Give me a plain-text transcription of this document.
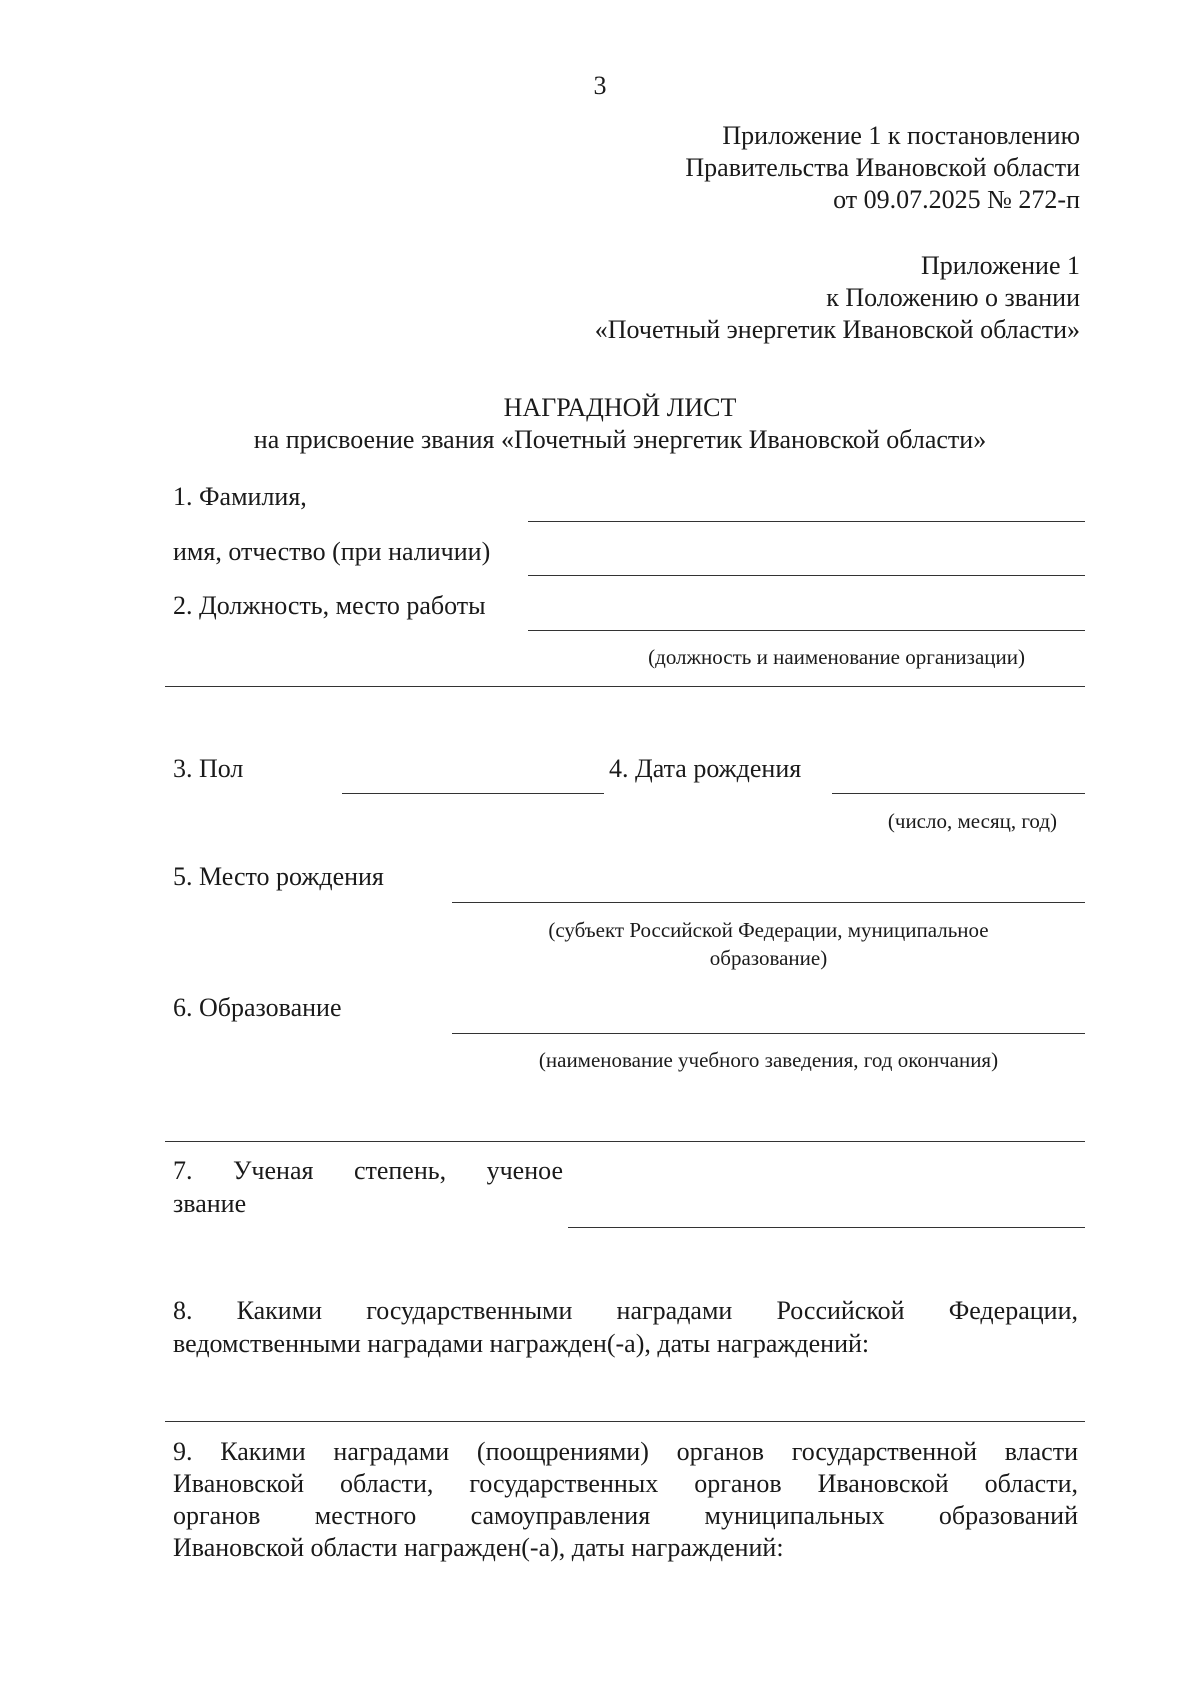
3
Приложение 1 к постановлению
Правительства Ивановской области
от 09.07.2025 № 272-п
Приложение 1
к Положению о звании
«Почетный энергетик Ивановской области»
НАГРАДНОЙ ЛИСТ
на присвоение звания «Почетный энергетик Ивановской области»
1. Фамилия,
имя, отчество (при наличии)
2. Должность, место работы
(должность и наименование организации)
3. Пол	4. Дата рождения
(число, месяц, год)
5. Место рождения
(субъект Российской Федерации, муниципальное
образование)
6. Образование
(наименование учебного заведения, год окончания)
7. Ученая степень, ученое
звание
8. Какими государственными наградами Российской Федерации,
ведомственными наградами награжден(-а), даты награждений:
9. Какими наградами (поощрениями) органов государственной власти
Ивановской области, государственных органов Ивановской области,
органов местного самоуправления муниципальных образований
Ивановской области награжден(-а), даты награждений:
